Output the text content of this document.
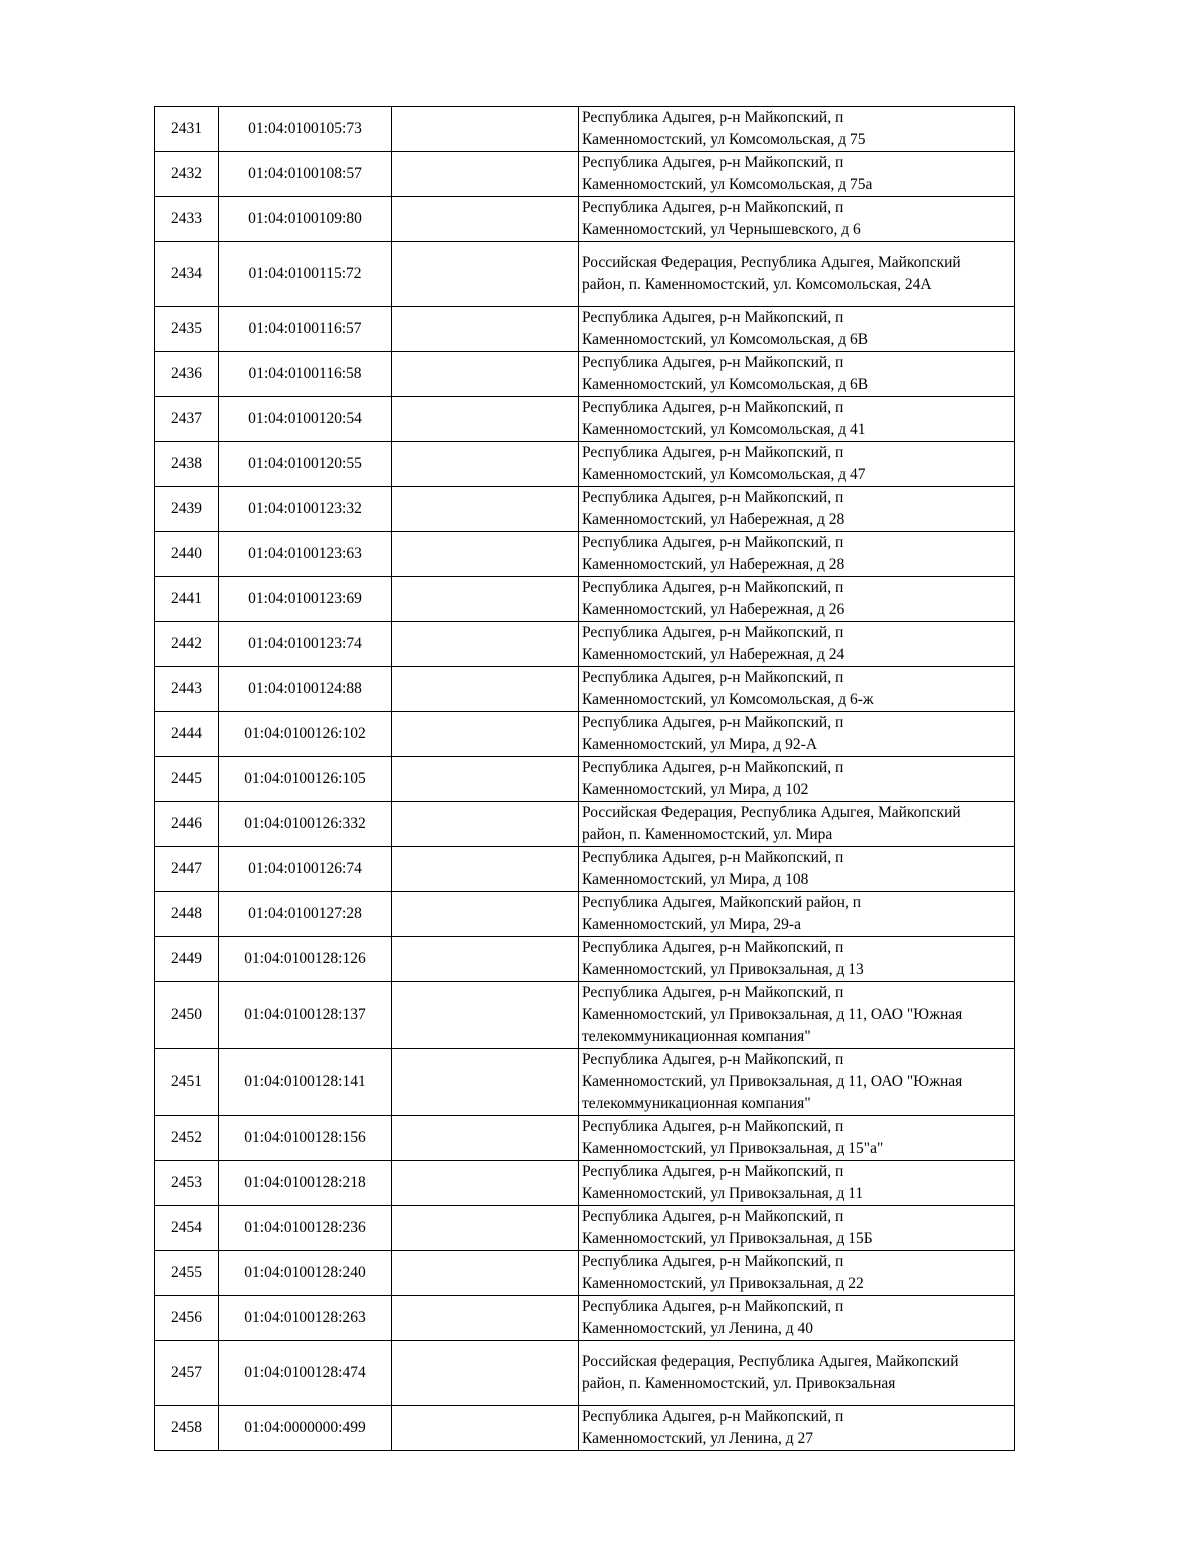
2431	01:04:0100105:73		Республика Адыгея, р-н Майкопский, п
Каменномостский, ул Комсомольская, д 75

2432	01:04:0100108:57		Республика Адыгея, р-н Майкопский, п
Каменномостский, ул Комсомольская, д 75а

2433	01:04:0100109:80		Республика Адыгея, р-н Майкопский, п
Каменномостский, ул Чернышевского, д 6

2434	01:04:0100115:72		Российская Федерация, Республика Адыгея, Майкопский
район, п. Каменномостский, ул. Комсомольская, 24А

2435	01:04:0100116:57		Республика Адыгея, р-н Майкопский, п
Каменномостский, ул Комсомольская, д 6В

2436	01:04:0100116:58		Республика Адыгея, р-н Майкопский, п
Каменномостский, ул Комсомольская, д 6В

2437	01:04:0100120:54		Республика Адыгея, р-н Майкопский, п
Каменномостский, ул Комсомольская, д 41

2438	01:04:0100120:55		Республика Адыгея, р-н Майкопский, п
Каменномостский, ул Комсомольская, д 47

2439	01:04:0100123:32		Республика Адыгея, р-н Майкопский, п
Каменномостский, ул Набережная, д 28

2440	01:04:0100123:63		Республика Адыгея, р-н Майкопский, п
Каменномостский, ул Набережная, д 28

2441	01:04:0100123:69		Республика Адыгея, р-н Майкопский, п
Каменномостский, ул Набережная, д 26

2442	01:04:0100123:74		Республика Адыгея, р-н Майкопский, п
Каменномостский, ул Набережная, д 24

2443	01:04:0100124:88		Республика Адыгея, р-н Майкопский, п
Каменномостский, ул Комсомольская, д 6-ж

2444	01:04:0100126:102		Республика Адыгея, р-н Майкопский, п
Каменномостский, ул Мира, д 92-А

2445	01:04:0100126:105		Республика Адыгея, р-н Майкопский, п
Каменномостский, ул Мира, д 102

2446	01:04:0100126:332		Российская Федерация, Республика Адыгея, Майкопский
район, п. Каменномостский, ул. Мира

2447	01:04:0100126:74		Республика Адыгея, р-н Майкопский, п
Каменномостский, ул Мира, д 108

2448	01:04:0100127:28		Республика Адыгея, Майкопский район, п
Каменномостский, ул Мира, 29-а

2449	01:04:0100128:126		Республика Адыгея, р-н Майкопский, п
Каменномостский, ул Привокзальная, д 13

2450	01:04:0100128:137		Республика Адыгея, р-н Майкопский, п
Каменномостский, ул Привокзальная, д 11, ОАО "Южная
телекоммуникационная компания"

2451	01:04:0100128:141		Республика Адыгея, р-н Майкопский, п
Каменномостский, ул Привокзальная, д 11, ОАО "Южная
телекоммуникационная компания"

2452	01:04:0100128:156		Республика Адыгея, р-н Майкопский, п
Каменномостский, ул Привокзальная, д 15"а"

2453	01:04:0100128:218		Республика Адыгея, р-н Майкопский, п
Каменномостский, ул Привокзальная, д 11

2454	01:04:0100128:236		Республика Адыгея, р-н Майкопский, п
Каменномостский, ул Привокзальная, д 15Б

2455	01:04:0100128:240		Республика Адыгея, р-н Майкопский, п
Каменномостский, ул Привокзальная, д 22

2456	01:04:0100128:263		Республика Адыгея, р-н Майкопский, п
Каменномостский, ул Ленина, д 40

2457	01:04:0100128:474		Российская федерация, Республика Адыгея, Майкопский
район, п. Каменномостский, ул. Привокзальная

2458	01:04:0000000:499		Республика Адыгея, р-н Майкопский, п
Каменномостский, ул Ленина, д 27
